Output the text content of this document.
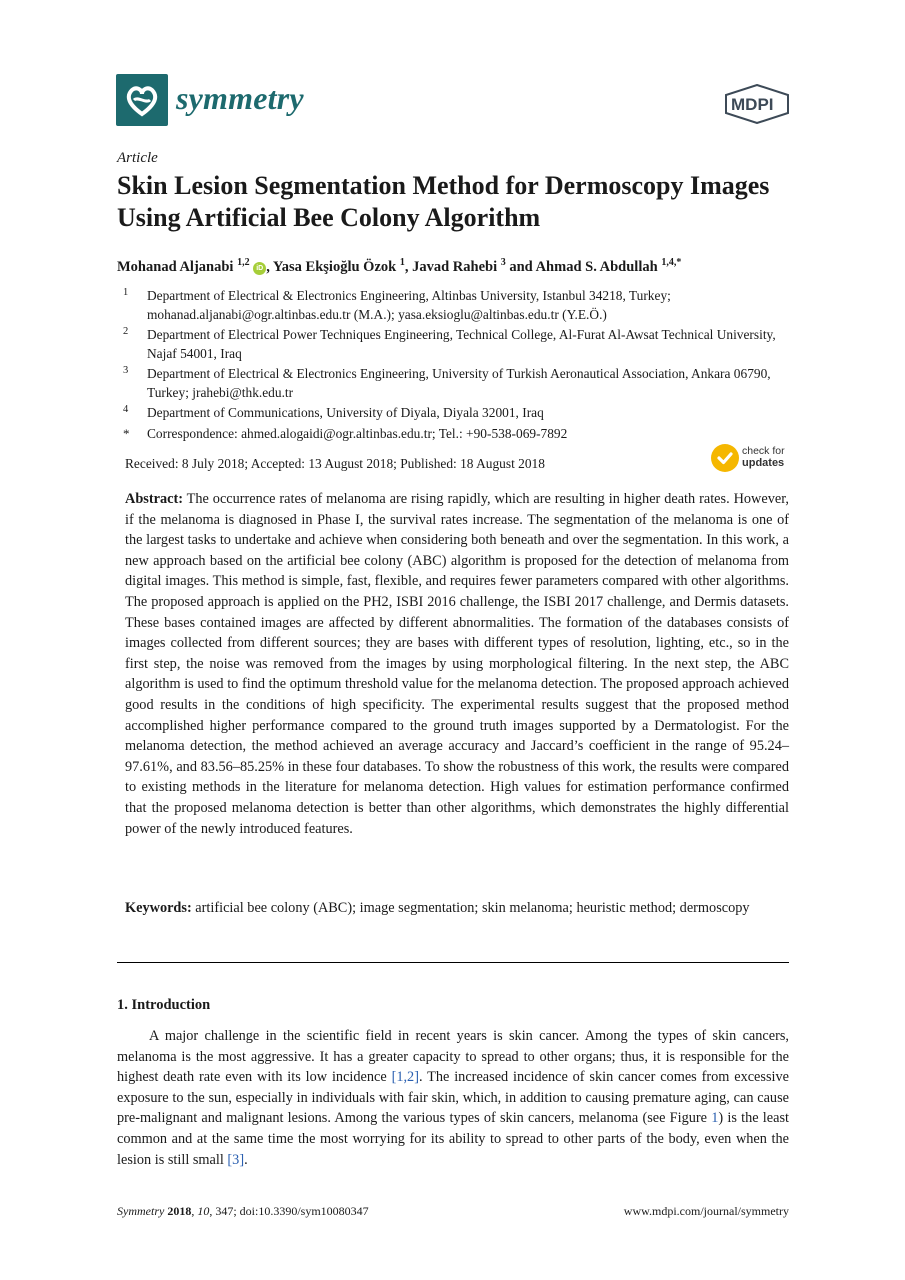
symmetry	MDPI
Article
Skin Lesion Segmentation Method for Dermoscopy Images Using Artificial Bee Colony Algorithm
Mohanad Aljanabi $^{1,2}$ iD , Yasa Ekşioğlu Özok $^1$, Javad Rahebi $^3$ and Ahmad S. Abdullah $^{1,4,*}$
1 Department of Electrical & Electronics Engineering, Altinbas University, Istanbul 34218, Turkey; mohanad.aljanabi@ogr.altinbas.edu.tr (M.A.); yasa.eksioglu@altinbas.edu.tr (Y.E.Ö.)
2 Department of Electrical Power Techniques Engineering, Technical College, Al-Furat Al-Awsat Technical University, Najaf 54001, Iraq
3 Department of Electrical & Electronics Engineering, University of Turkish Aeronautical Association, Ankara 06790, Turkey; jrahebi@thk.edu.tr
4 Department of Communications, University of Diyala, Diyala 32001, Iraq
* Correspondence: ahmed.alogaidi@ogr.altinbas.edu.tr; Tel.: +90-538-069-7892
Received: 8 July 2018; Accepted: 13 August 2018; Published: 18 August 2018
check for
updates
Abstract: The occurrence rates of melanoma are rising rapidly, which are resulting in higher death rates. However, if the melanoma is diagnosed in Phase I, the survival rates increase. The segmentation of the melanoma is one of the largest tasks to undertake and achieve when considering both beneath and over the segmentation. In this work, a new approach based on the artificial bee colony (ABC) algorithm is proposed for the detection of melanoma from digital images. This method is simple, fast, flexible, and requires fewer parameters compared with other algorithms. The proposed approach is applied on the PH2, ISBI 2016 challenge, the ISBI 2017 challenge, and Dermis datasets. These bases contained images are affected by different abnormalities. The formation of the databases consists of images collected from different sources; they are bases with different types of resolution, lighting, etc., so in the first step, the noise was removed from the images by using morphological filtering. In the next step, the ABC algorithm is used to find the optimum threshold value for the melanoma detection. The proposed approach achieved good results in the conditions of high specificity. The experimental results suggest that the proposed method accomplished higher performance compared to the ground truth images supported by a Dermatologist. For the melanoma detection, the method achieved an average accuracy and Jaccard’s coefficient in the range of 95.24–97.61%, and 83.56–85.25% in these four databases. To show the robustness of this work, the results were compared to existing methods in the literature for melanoma detection. High values for estimation performance confirmed that the proposed melanoma detection is better than other algorithms, which demonstrates the highly differential power of the newly introduced features.
Keywords: artificial bee colony (ABC); image segmentation; skin melanoma; heuristic method; dermoscopy
1. Introduction
A major challenge in the scientific field in recent years is skin cancer. Among the types of skin cancers, melanoma is the most aggressive. It has a greater capacity to spread to other organs; thus, it is responsible for the highest death rate even with its low incidence [1,2]. The increased incidence of skin cancer comes from excessive exposure to the sun, especially in individuals with fair skin, which, in addition to causing premature aging, can cause pre-malignant and malignant lesions. Among the various types of skin cancers, melanoma (see Figure 1) is the least common and at the same time the most worrying for its ability to spread to other parts of the body, even when the lesion is still small [3].
Symmetry 2018, 10, 347; doi:10.3390/sym10080347	www.mdpi.com/journal/symmetry
